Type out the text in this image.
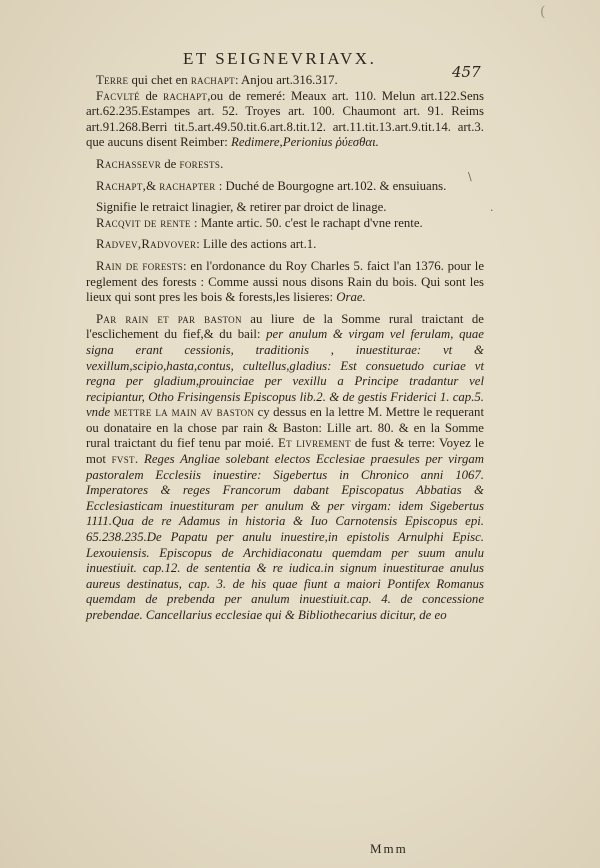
(
ET SEIGNEVRIAVX.
457

Terre qui chet en rachapt: Anjou art.316.317.

Facvlté de rachapt,ou de remeré: Meaux art. 110. Melun art.122.Sens art.62.235.Estampes art. 52. Troyes art. 100. Chaumont art. 91. Reims art.91.268.Berri tit.5.art.49.50.tit.6.art.8.tit.12. art.11.tit.13.art.9.tit.14. art.3. que aucuns disent Reimber: Redimere,Perionius ῥύεσθαι.

Rachassevr de forests.

Rachapt,& rachapter : Duché de Bourgogne art.102. & ensuiuans.

Signifie le retraict linagier, & retirer par droict de linage.

Racqvit de rente : Mante artic. 50. c'est le rachapt d'vne rente.

Radvev,Radvover: Lille des actions art.1.

Rain de forests: en l'ordonance du Roy Charles 5. faict l'an 1376. pour le reglement des forests : Comme aussi nous disons Rain du bois. Qui sont les lieux qui sont pres les bois & forests,les lisieres: Orae.

Par rain et par baston au liure de la Somme rural traictant de l'esclichement du fief,& du bail: per anulum & virgam vel ferulam, quae signa erant cessionis, traditionis , inuestiturae: vt & vexillum,scipio,hasta,contus, cultellus,gladius: Est consuetudo curiae vt regna per gladium,prouinciae per vexillu a Principe tradantur vel recipiantur, Otho Frisingensis Episcopus lib.2. & de gestis Friderici 1. cap.5. vnde mettre la main av baston cy dessus en la lettre M. Mettre le requerant ou donataire en la chose par rain & Baston: Lille art. 80. & en la Somme rural traictant du fief tenu par moié. Et livrement de fust & terre: Voyez le mot fvst. Reges Angliae solebant electos Ecclesiae praesules per virgam pastoralem Ecclesiis inuestire: Sigebertus in Chronico anni 1067. Imperatores & reges Francorum dabant Episcopatus Abbatias & Ecclesiasticam inuestituram per anulum & per virgam: idem Sigebertus 1111.Qua de re Adamus in historia & Iuo Carnotensis Episcopus epi. 65.238.235.De Papatu per anulu inuestire,in epistolis Arnulphi Episc. Lexouiensis. Episcopus de Archidiaconatu quemdam per suum anulu inuestiuit. cap.12. de sententia & re iudica.in signum inuestiturae anulus aureus destinatus, cap. 3. de his quae fiunt a maiori Pontifex Romanus quemdam de prebenda per anulum inuestiuit.cap. 4. de concessione prebendae. Cancellarius ecclesiae qui & Bibliothecarius dicitur, de eo

\
·
Mmm
